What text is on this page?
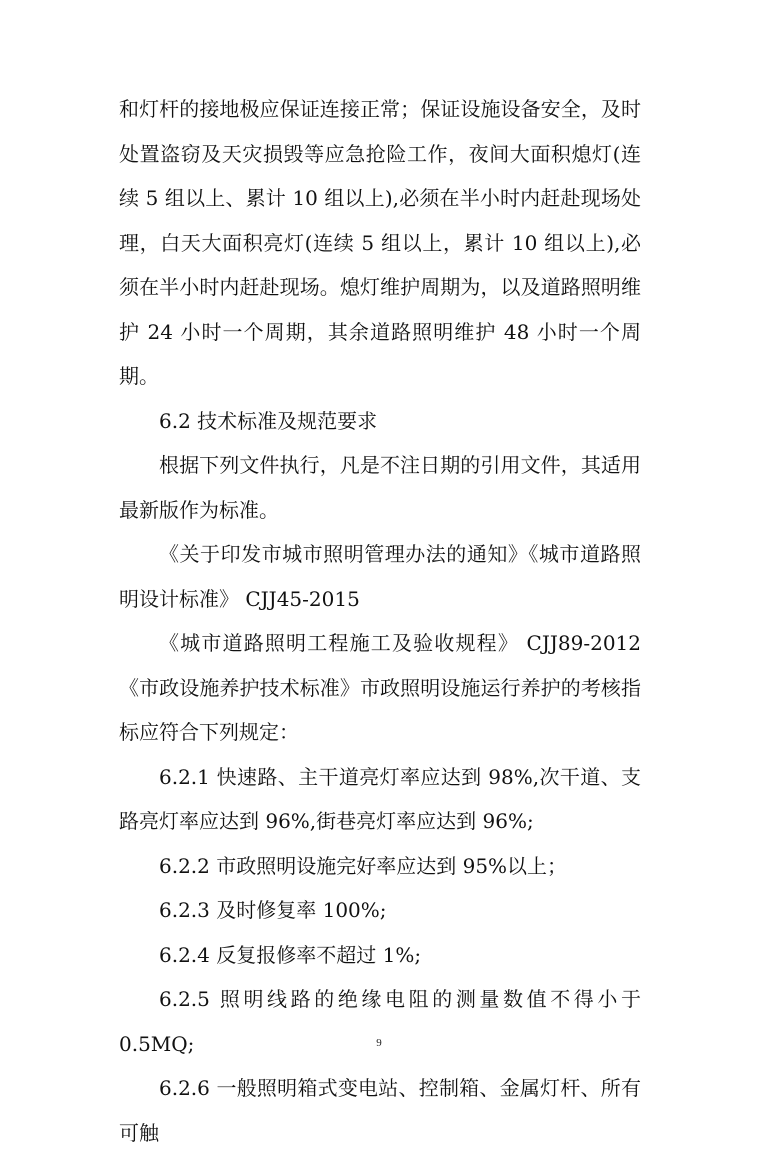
和灯杆的接地极应保证连接正常；保证设施设备安全，及时处置盗窃及天灾损毁等应急抢险工作，夜间大面积熄灯(连续 5 组以上、累计 10 组以上),必须在半小时内赶赴现场处理，白天大面积亮灯(连续 5 组以上，累计 10 组以上),必须在半小时内赶赴现场。熄灯维护周期为，以及道路照明维护 24 小时一个周期，其余道路照明维护 48 小时一个周期。

6.2 技术标准及规范要求

根据下列文件执行，凡是不注日期的引用文件，其适用最新版作为标准。

《关于印发市城市照明管理办法的通知》《城市道路照明设计标准》 CJJ45-2015

《城市道路照明工程施工及验收规程》 CJJ89-2012《市政设施养护技术标准》市政照明设施运行养护的考核指标应符合下列规定：

6.2.1 快速路、主干道亮灯率应达到 98%,次干道、支路亮灯率应达到 96%,街巷亮灯率应达到 96%;

6.2.2 市政照明设施完好率应达到 95%以上；

6.2.3 及时修复率 100%;

6.2.4 反复报修率不超过 1%;

6.2.5 照明线路的绝缘电阻的测量数值不得小于 0.5MQ;

6.2.6 一般照明箱式变电站、控制箱、金属灯杆、所有可触

9
